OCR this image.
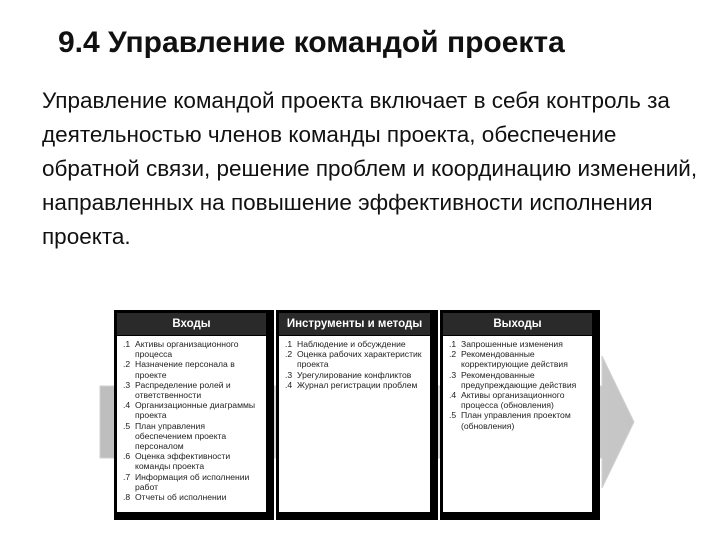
9.4 Управление командой проекта
Управление командой проекта включает в себя контроль за деятельностью членов команды проекта, обеспечение обратной связи, решение проблем и координацию изменений, направленных на повышение эффективности исполнения проекта.
Входы
.1 Активы организационного процесса
.2 Назначение персонала в проекте
.3 Распределение ролей и ответственности
.4 Организационные диаграммы проекта
.5 План управления обеспечением проекта персоналом
.6 Оценка эффективности команды проекта
.7 Информация об исполнении работ
.8 Отчеты об исполнении
Инструменты и методы
.1 Наблюдение и обсуждение
.2 Оценка рабочих характеристик проекта
.3 Урегулирование конфликтов
.4 Журнал регистрации проблем
Выходы
.1 Запрошенные изменения
.2 Рекомендованные корректирующие действия
.3 Рекомендованные предупреждающие действия
.4 Активы организационного процесса (обновления)
.5 План управления проектом (обновления)
